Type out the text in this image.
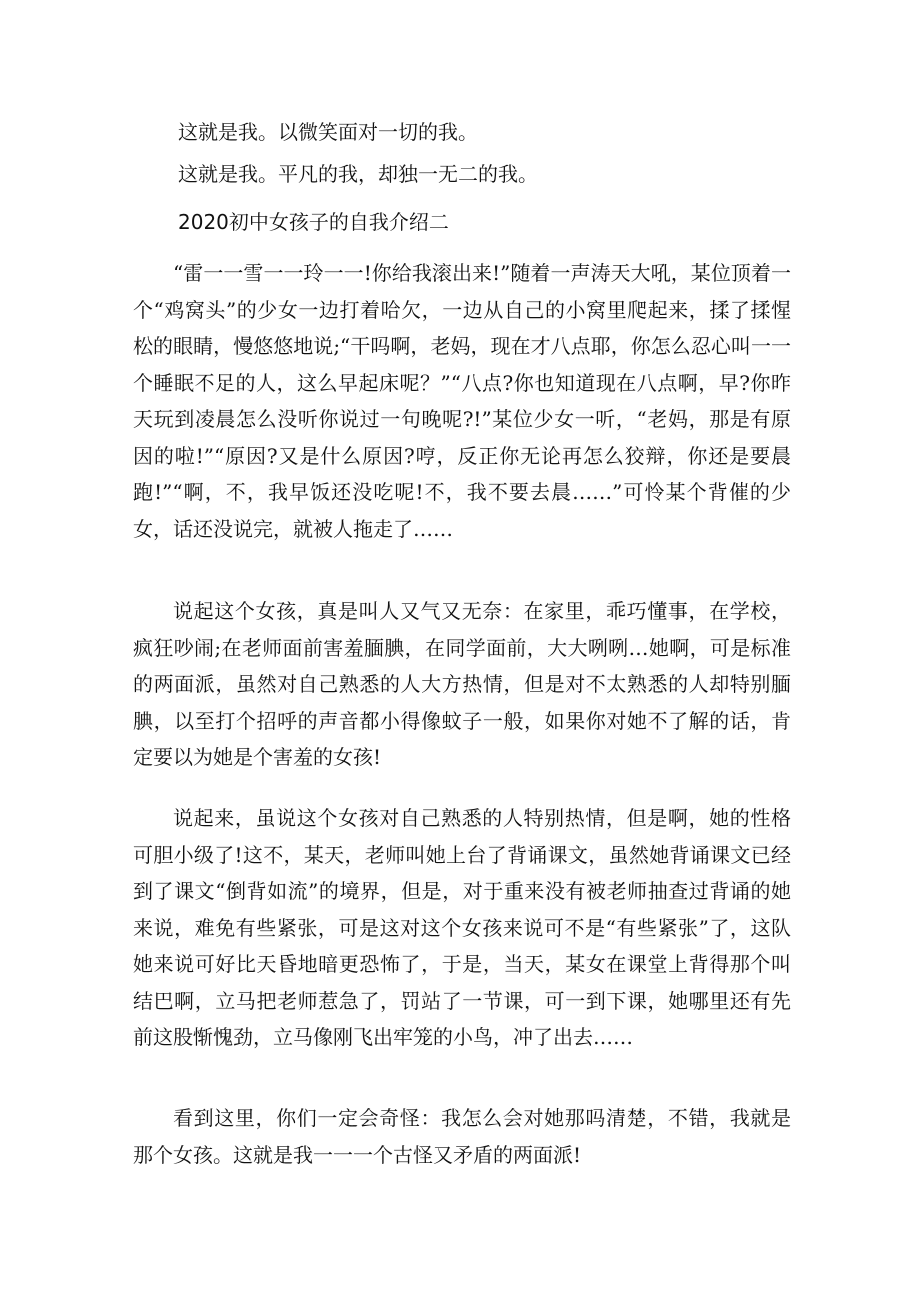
这就是我。以微笑面对一切的我。
这就是我。平凡的我，却独一无二的我。
2020初中女孩子的自我介绍二

“雷一一雪一一玲一一!你给我滚出来!”随着一声涛天大吼，某位顶着一个“鸡窝头”的少女一边打着哈欠，一边从自己的小窝里爬起来，揉了揉惺松的眼睛，慢悠悠地说;“干吗啊，老妈，现在才八点耶，你怎么忍心叫一一个睡眠不足的人，这么早起床呢？”“八点?你也知道现在八点啊，早?你昨天玩到凌晨怎么没听你说过一句晚呢?!”某位少女一听，“老妈，那是有原因的啦!”“原因?又是什么原因?哼，反正你无论再怎么狡辩，你还是要晨跑!”“啊，不，我早饭还没吃呢!不，我不要去晨……”可怜某个背催的少女，话还没说完，就被人拖走了……

说起这个女孩，真是叫人又气又无奈：在家里，乖巧懂事，在学校，疯狂吵闹;在老师面前害羞腼腆，在同学面前，大大咧咧…她啊，可是标准的两面派，虽然对自己熟悉的人大方热情，但是对不太熟悉的人却特别腼腆，以至打个招呼的声音都小得像蚊子一般，如果你对她不了解的话，肯定要以为她是个害羞的女孩!

说起来，虽说这个女孩对自己熟悉的人特别热情，但是啊，她的性格可胆小级了!这不，某天，老师叫她上台了背诵课文，虽然她背诵课文已经到了课文“倒背如流”的境界，但是，对于重来没有被老师抽查过背诵的她来说，难免有些紧张，可是这对这个女孩来说可不是“有些紧张”了，这队她来说可好比天昏地暗更恐怖了，于是，当天，某女在课堂上背得那个叫结巴啊，立马把老师惹急了，罚站了一节课，可一到下课，她哪里还有先前这股惭愧劲，立马像刚飞出牢笼的小鸟，冲了出去……

看到这里，你们一定会奇怪：我怎么会对她那吗清楚，不错，我就是那个女孩。这就是我一一一个古怪又矛盾的两面派!
